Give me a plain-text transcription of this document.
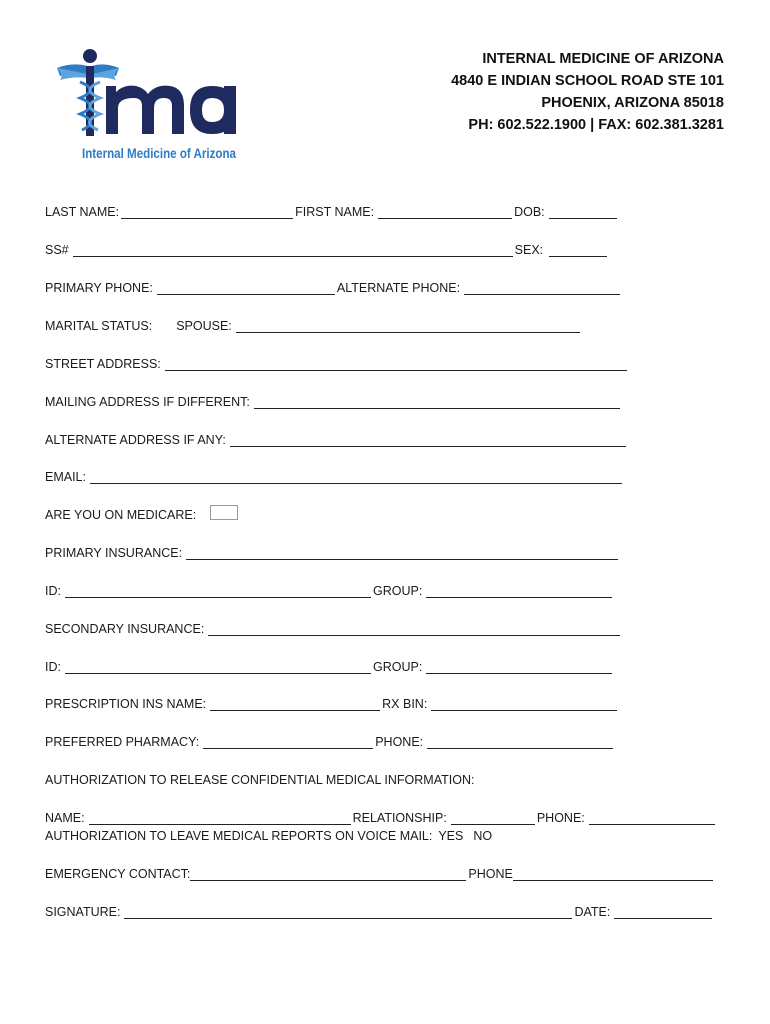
Internal Medicine of Arizona
INTERNAL MEDICINE OF ARIZONA
4840 E INDIAN SCHOOL ROAD STE 101
PHOENIX, ARIZONA 85018
PH: 602.522.1900 | FAX: 602.381.3281
LAST NAME:	FIRST NAME:	DOB:
SS#	SEX:
PRIMARY PHONE:	ALTERNATE PHONE:
MARITAL STATUS: SPOUSE:
STREET ADDRESS:
MAILING ADDRESS IF DIFFERENT:
ALTERNATE ADDRESS IF ANY:
EMAIL:
ARE YOU ON MEDICARE:
PRIMARY INSURANCE:
ID:	GROUP:
SECONDARY INSURANCE:
ID:	GROUP:
PRESCRIPTION INS NAME:	RX BIN:
PREFERRED PHARMACY:	PHONE:
AUTHORIZATION TO RELEASE CONFIDENTIAL MEDICAL INFORMATION:
NAME:	RELATIONSHIP:	PHONE:
AUTHORIZATION TO LEAVE MEDICAL REPORTS ON VOICE MAIL: YES NO
EMERGENCY CONTACT:	PHONE
SIGNATURE:	DATE:
